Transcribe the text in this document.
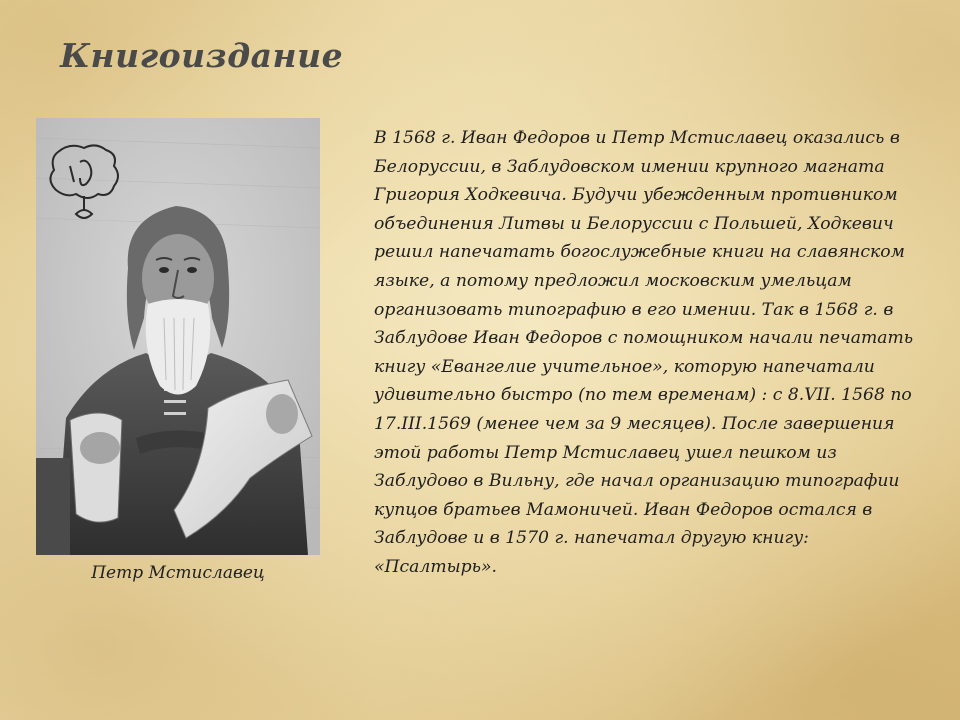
Книгоиздание
Петр Мстиславец

В 1568 г. Иван Федоров и Петр Мстиславец оказались в Белоруссии, в Заблудовском имении крупного магната Григория Ходкевича. Будучи убежденным противником объединения Литвы и Белоруссии с Польшей, Ходкевич решил напечатать богослужебные книги на славянском языке, а потому предложил московским умельцам организовать типографию в его имении. Так в 1568 г. в Заблудове Иван Федоров с помощником начали печатать книгу «Евангелие учительное», которую напечатали удивительно быстро (по тем временам) : с 8.VII. 1568 по 17.III.1569 (менее чем за 9 месяцев). После завершения этой работы Петр Мстиславец ушел пешком из Заблудово в Вильну, где начал организацию типографии купцов братьев Мамоничей. Иван Федоров остался в Заблудове и в 1570 г. напечатал другую книгу: «Псалтырь».
